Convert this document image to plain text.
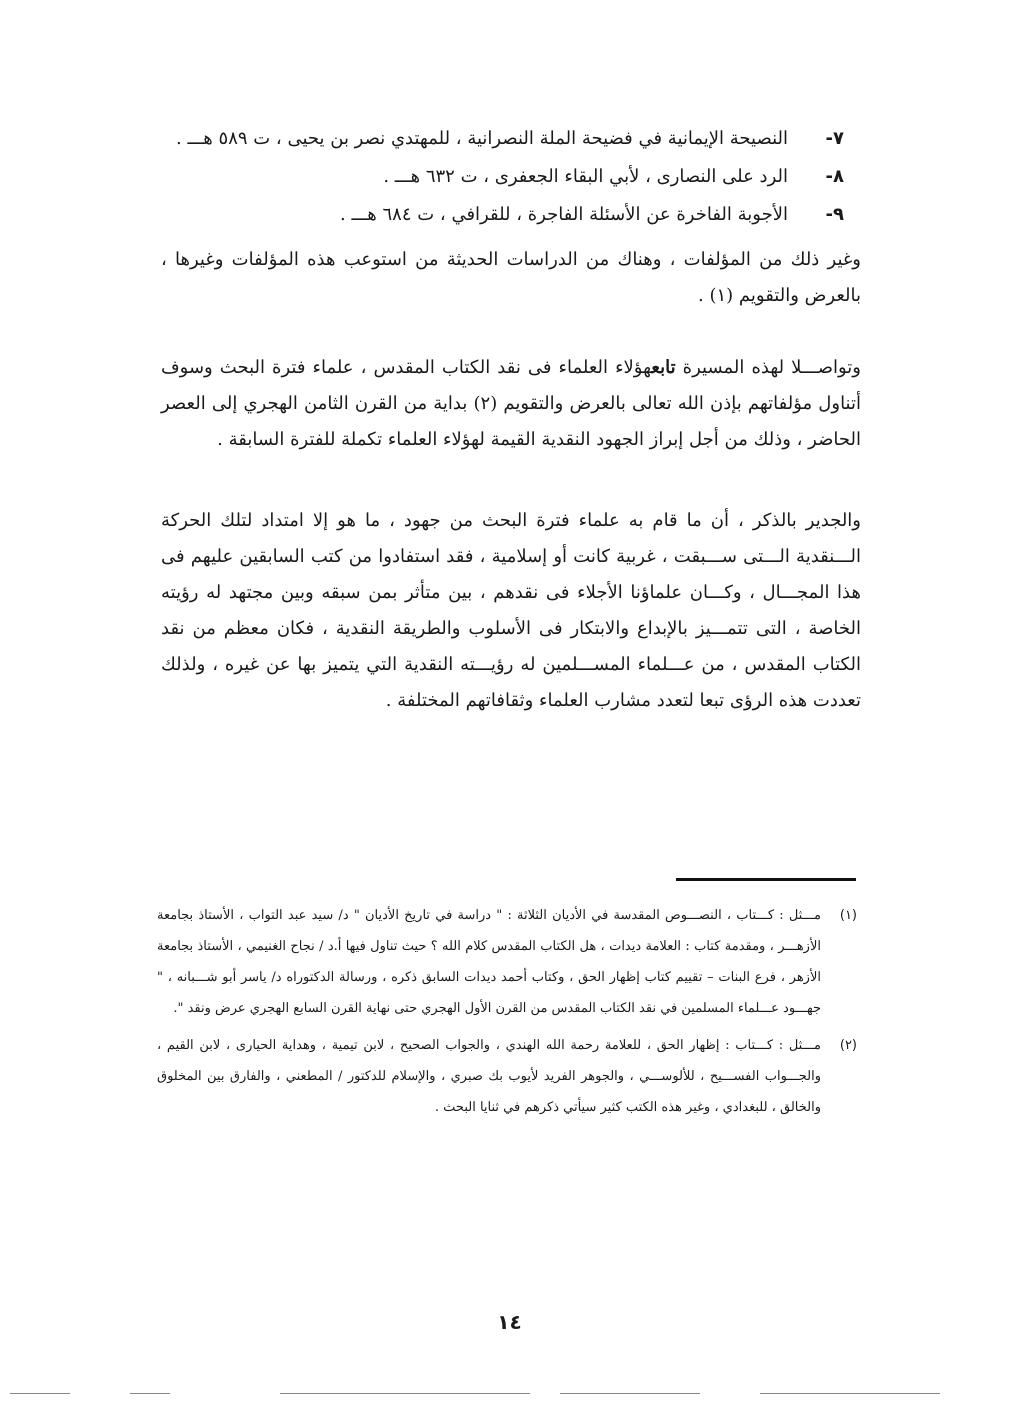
٧-
النصيحة الإيمانية في فضيحة الملة النصرانية ، للمهتدي نصر بن يحيى ، ت ٥٨٩ هـــ .
٨-
الرد على النصارى ، لأبي البقاء الجعفرى ، ت ٦٣٢ هـــ .
٩-
الأجوبة الفاخرة عن الأسئلة الفاجرة ، للقرافي ، ت ٦٨٤ هـــ .

وغير ذلك من المؤلفات ، وهناك من الدراسات الحديثة من استوعب هذه المؤلفات وغيرها ، بالعرض والتقويم (١) .

وتواصـــلا لهذه المسيرة تابعهؤلاء العلماء فى نقد الكتاب المقدس ، علماء فترة البحث وسوف أتناول مؤلفاتهم بإذن الله تعالى بالعرض والتقويم (٢) بداية من القرن الثامن الهجري إلى العصر الحاضر ، وذلك من أجل إبراز الجهود النقدية القيمة لهؤلاء العلماء تكملة للفترة السابقة .

والجدير بالذكر ، أن ما قام به علماء فترة البحث من جهود ، ما هو إلا امتداد لتلك الحركة الـــنقدية الـــتى ســـبقت ، غربية كانت أو إسلامية ، فقد استفادوا من كتب السابقين عليهم فى هذا المجـــال ، وكـــان علماؤنا الأجلاء فى نقدهم ، بين متأثر بمن سبقه وبين مجتهد له رؤيته الخاصة ، التى تتمـــيز بالإبداع والابتكار فى الأسلوب والطريقة النقدية ، فكان معظم من نقد الكتاب المقدس ، من عـــلماء المســـلمين له رؤيـــته النقدية التي يتميز بها عن غيره ، ولذلك تعددت هذه الرؤى تبعا لتعدد مشارب العلماء وثقافاتهم المختلفة .

(١)
مـــثل : كـــتاب ، النصـــوص المقدسة في الأديان الثلاثة : " دراسة في تاريخ الأديان " د/ سيد عبد التواب ، الأستاذ بجامعة الأزهـــر ، ومقدمة كتاب : العلامة ديدات ، هل الكتاب المقدس كلام الله ؟ حيث تناول فيها أ.د / نجاح الغنيمي ، الأستاذ بجامعة الأزهر ، فرع البنات – تقييم كتاب إظهار الحق ، وكتاب أحمد ديدات السابق ذكره ، ورسالة الدكتوراه د/ ياسر أبو شـــبانه ، " جهـــود عـــلماء المسلمين في نقد الكتاب المقدس من القرن الأول الهجري حتى نهاية القرن السابع الهجري عرض ونقد ".
(٢)
مـــثل : كـــتاب : إظهار الحق ، للعلامة رحمة الله الهندي ، والجواب الصحيح ، لابن تيمية ، وهداية الحيارى ، لابن القيم ، والجـــواب الفســـيح ، للألوســـي ، والجوهر الفريد لأيوب بك صبري ، والإسلام للدكتور / المطعني ، والفارق بين المخلوق والخالق ، للبغدادي ، وغير هذه الكتب كثير سيأتي ذكرهم في ثنايا البحث .
١٤
